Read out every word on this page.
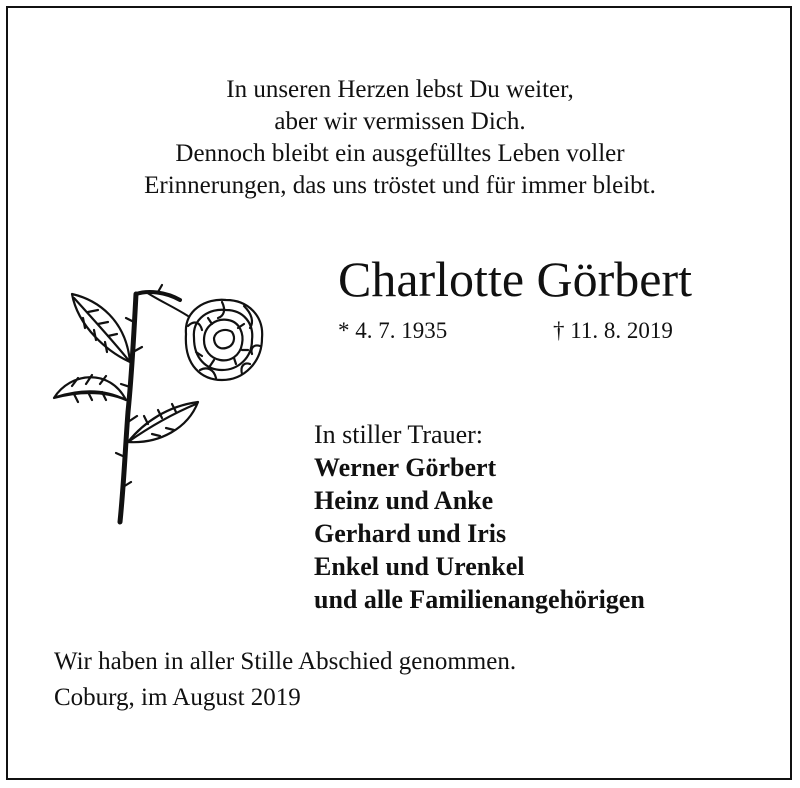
In unseren Herzen lebst Du weiter,
aber wir vermissen Dich.
Dennoch bleibt ein ausgefülltes Leben voller
Erinnerungen, das uns tröstet und für immer bleibt.
Charlotte Görbert
* 4. 7. 1935	† 11. 8. 2019
In stiller Trauer:
Werner Görbert
Heinz und Anke
Gerhard und Iris
Enkel und Urenkel
und alle Familienangehörigen
Wir haben in aller Stille Abschied genommen.
Coburg, im August 2019
